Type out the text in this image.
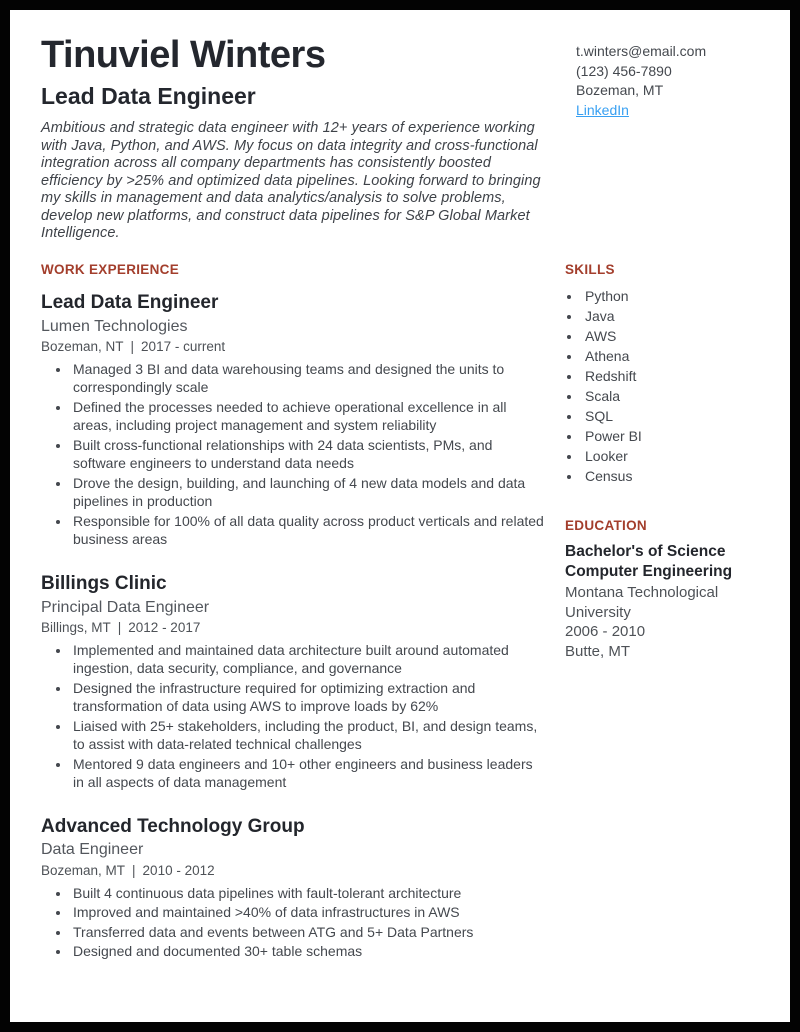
Tinuviel Winters
Lead Data Engineer
Ambitious and strategic data engineer with 12+ years of experience working with Java, Python, and AWS. My focus on data integrity and cross-functional integration across all company departments has consistently boosted efficiency by >25% and optimized data pipelines. Looking forward to bringing my skills in management and data analytics/analysis to solve problems, develop new platforms, and construct data pipelines for S&P Global Market Intelligence.
t.winters@email.com
(123) 456-7890
Bozeman, MT
LinkedIn
WORK EXPERIENCE
Lead Data Engineer
Lumen Technologies
Bozeman, NT | 2017 - current
• Managed 3 BI and data warehousing teams and designed the units to correspondingly scale
• Defined the processes needed to achieve operational excellence in all areas, including project management and system reliability
• Built cross-functional relationships with 24 data scientists, PMs, and software engineers to understand data needs
• Drove the design, building, and launching of 4 new data models and data pipelines in production
• Responsible for 100% of all data quality across product verticals and related business areas
Billings Clinic
Principal Data Engineer
Billings, MT | 2012 - 2017
• Implemented and maintained data architecture built around automated ingestion, data security, compliance, and governance
• Designed the infrastructure required for optimizing extraction and transformation of data using AWS to improve loads by 62%
• Liaised with 25+ stakeholders, including the product, BI, and design teams, to assist with data-related technical challenges
• Mentored 9 data engineers and 10+ other engineers and business leaders in all aspects of data management
Advanced Technology Group
Data Engineer
Bozeman, MT | 2010 - 2012
• Built 4 continuous data pipelines with fault-tolerant architecture
• Improved and maintained >40% of data infrastructures in AWS
• Transferred data and events between ATG and 5+ Data Partners
• Designed and documented 30+ table schemas
SKILLS
• Python
• Java
• AWS
• Athena
• Redshift
• Scala
• SQL
• Power BI
• Looker
• Census
EDUCATION
Bachelor's of Science Computer Engineering
Montana Technological University
2006 - 2010
Butte, MT
